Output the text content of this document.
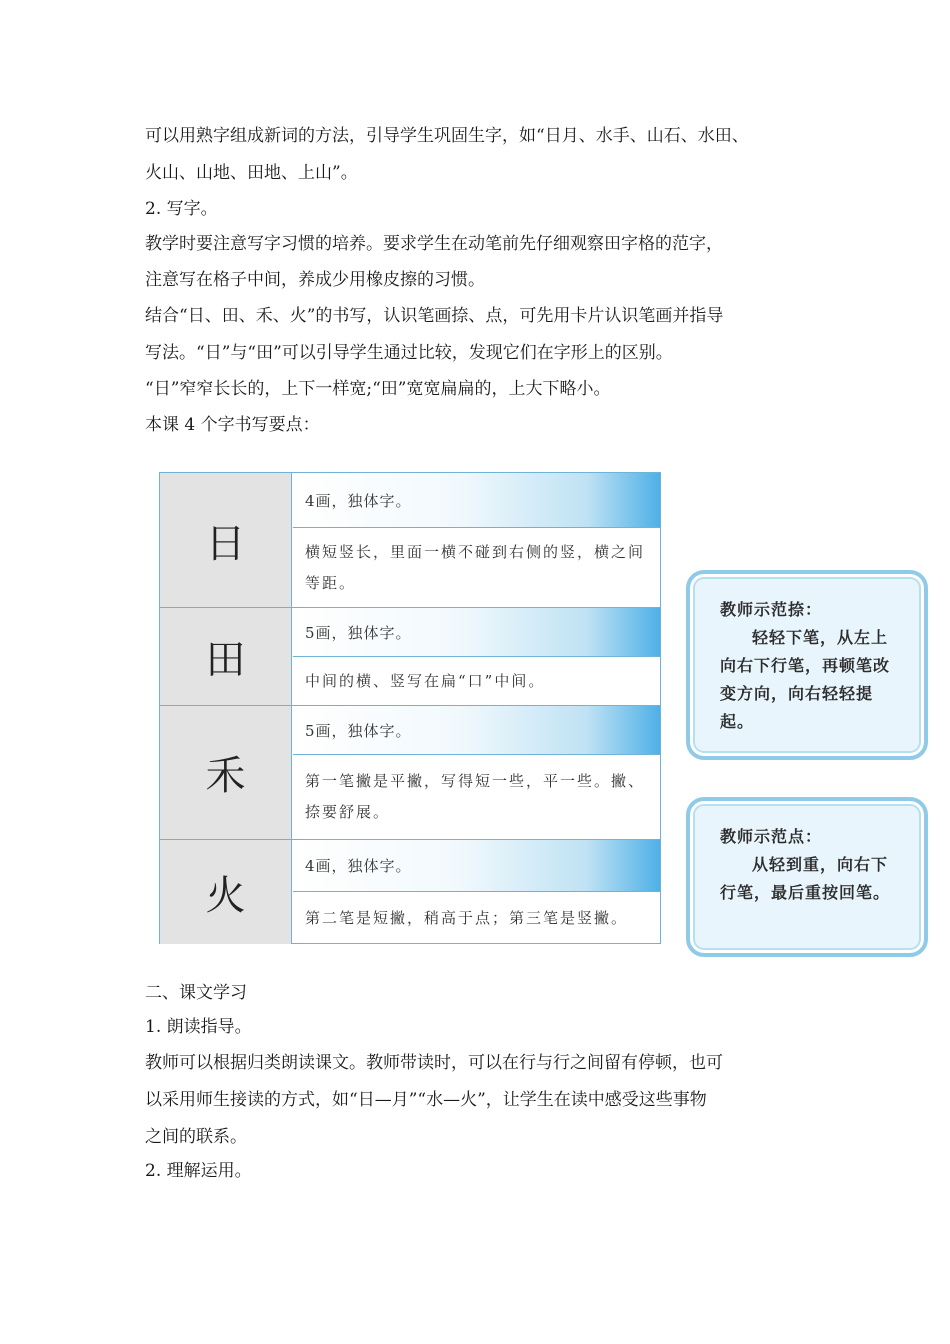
可以用熟字组成新词的方法，引导学生巩固生字，如“日月、水手、山石、水田、
火山、山地、田地、上山”。
2. 写字。
教学时要注意写字习惯的培养。要求学生在动笔前先仔细观察田字格的范字，
注意写在格子中间，养成少用橡皮擦的习惯。
结合“日、田、禾、火”的书写，认识笔画捺、点，可先用卡片认识笔画并指导
写法。“日”与“田”可以引导学生通过比较，发现它们在字形上的区别。
“日”窄窄长长的，上下一样宽;“田”宽宽扁扁的，上大下略小。
本课 4 个字书写要点：
日
4画，独体字。
横短竖长，里面一横不碰到右侧的竖，横之间等距。
田
5画，独体字。
中间的横、竖写在扁“口”中间。
禾
5画，独体字。
第一笔撇是平撇，写得短一些，平一些。撇、捺要舒展。
火
4画，独体字。
第二笔是短撇，稍高于点；第三笔是竖撇。
教师示范捺：
轻轻下笔，从左上向右下行笔，再顿笔改变方向，向右轻轻提起。
教师示范点：
从轻到重，向右下行笔，最后重按回笔。
二、课文学习
1. 朗读指导。
教师可以根据归类朗读课文。教师带读时，可以在行与行之间留有停顿，也可
以采用师生接读的方式，如“日—月”“水—火”，让学生在读中感受这些事物
之间的联系。
2. 理解运用。
